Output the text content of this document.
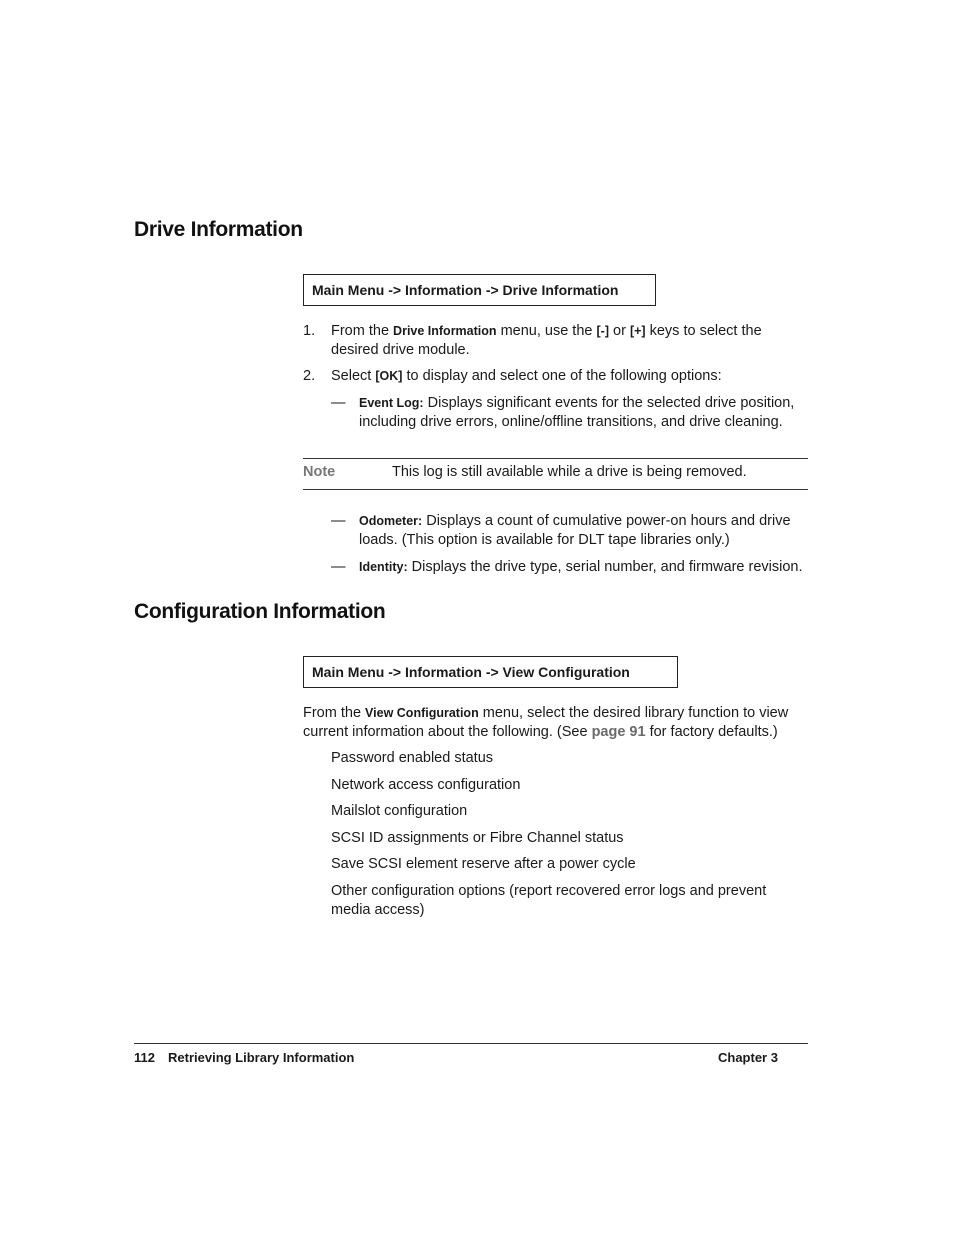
Drive Information
Main Menu -> Information -> Drive Information
1. From the Drive Information menu, use the [-] or [+] keys to select the desired drive module.
2. Select [OK] to display and select one of the following options:
— Event Log: Displays significant events for the selected drive position, including drive errors, online/offline transitions, and drive cleaning.
Note	This log is still available while a drive is being removed.
— Odometer: Displays a count of cumulative power-on hours and drive loads. (This option is available for DLT tape libraries only.)
— Identity: Displays the drive type, serial number, and firmware revision.
Configuration Information
Main Menu -> Information -> View Configuration
From the View Configuration menu, select the desired library function to view current information about the following. (See page 91 for factory defaults.)
Password enabled status
Network access configuration
Mailslot configuration
SCSI ID assignments or Fibre Channel status
Save SCSI element reserve after a power cycle
Other configuration options (report recovered error logs and prevent media access)
112 Retrieving Library Information	Chapter 3
